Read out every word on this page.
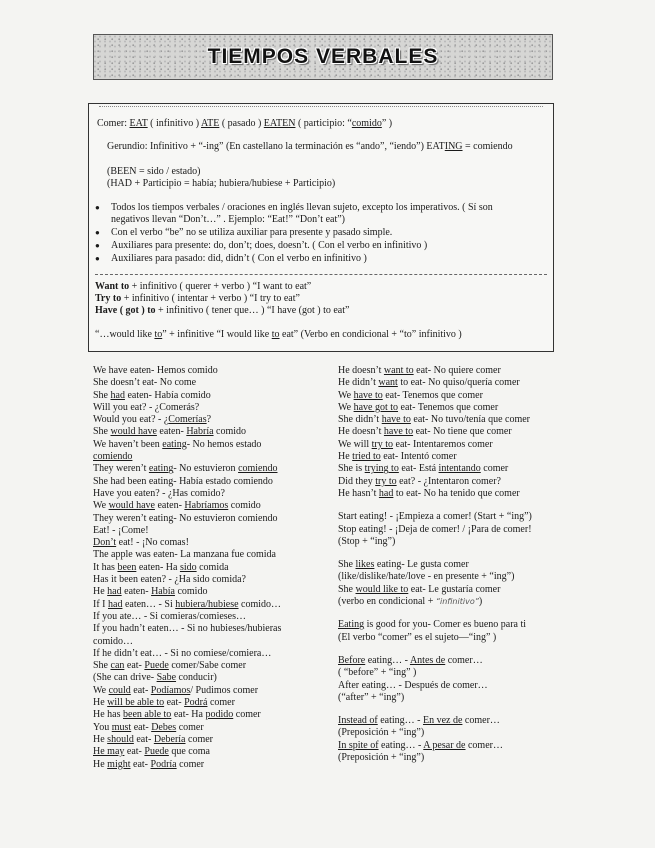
TIEMPOS VERBALES
Comer: EAT ( infinitivo ) ATE ( pasado ) EATEN ( participio: “comido” )
Gerundio: Infinitivo + “-ing” (En castellano la terminación es “ando”, “iendo”) EATING = comiendo
(BEEN = sido / estado)
(HAD + Participio = había; hubiera/hubiese + Participio)
● Todos los tiempos verbales / oraciones en inglés llevan sujeto, excepto los imperativos. ( Sí son
negativos llevan “Don’t…” . Ejemplo: “Eat!” “Don’t eat”)
● Con el verbo “be” no se utiliza auxiliar para presente y pasado simple.
● Auxiliares para presente: do, don’t; does, doesn’t. ( Con el verbo en infinitivo )
● Auxiliares para pasado: did, didn’t ( Con el verbo en infinitivo )
Want to + infinitivo ( querer + verbo ) “I want to eat”
Try to + infinitivo ( intentar + verbo ) “I try to eat”
Have ( got ) to + infinitivo ( tener que… ) “I have (got ) to eat”
“…would like to” + infinitive “I would like to eat” (Verbo en condicional + “to” infinitivo )
We have eaten- Hemos comido
She doesn’t eat- No come
She had eaten- Había comido
Will you eat? - ¿Comerás?
Would you eat? - ¿Comerías?
She would have eaten- Habría comido
We haven’t been eating- No hemos estado
comiendo
They weren’t eating- No estuvieron comiendo
She had been eating- Había estado comiendo
Have you eaten? - ¿Has comido?
We would have eaten- Habríamos comido
They weren’t eating- No estuvieron comiendo
Eat! - ¡Come!
Don’t eat! - ¡No comas!
The apple was eaten- La manzana fue comida
It has been eaten- Ha sido comida
Has it been eaten? - ¿Ha sido comida?
He had eaten- Había comido
If I had eaten… - Si hubiera/hubiese comido…
If you ate… - Si comieras/comieses…
If you hadn’t eaten… - Si no hubieses/hubieras
comido…
If he didn’t eat… - Si no comiese/comiera…
She can eat- Puede comer/Sabe comer
(She can drive- Sabe conducir)
We could eat- Podíamos/ Pudimos comer
He will be able to eat- Podrá comer
He has been able to eat- Ha podido comer
You must eat- Debes comer
He should eat- Debería comer
He may eat- Puede que coma
He might eat- Podría comer
He doesn’t want to eat- No quiere comer
He didn’t want to eat- No quiso/quería comer
We have to eat- Tenemos que comer
We have got to eat- Tenemos que comer
She didn’t have to eat- No tuvo/tenía que comer
He doesn’t have to eat- No tiene que comer
We will try to eat- Intentaremos comer
He tried to eat- Intentó comer
She is trying to eat- Está intentando comer
Did they try to eat? - ¿Intentaron comer?
He hasn’t had to eat- No ha tenido que comer
Start eating! - ¡Empieza a comer! (Start + “ing”)
Stop eating! - ¡Deja de comer! / ¡Para de comer!
(Stop + “ing”)
She likes eating- Le gusta comer
(like/dislike/hate/love - en presente + “ing”)
She would like to eat- Le gustaría comer
(verbo en condicional + “infinitivo”)
Eating is good for you- Comer es bueno para ti
(El verbo “comer” es el sujeto—“ing” )
Before eating… - Antes de comer…
( “before” + “ing” )
After eating… - Después de comer…
(“after” + “ing”)
Instead of eating… - En vez de comer…
(Preposición + “ing”)
In spite of eating… - A pesar de comer…
(Preposición + “ing”)
